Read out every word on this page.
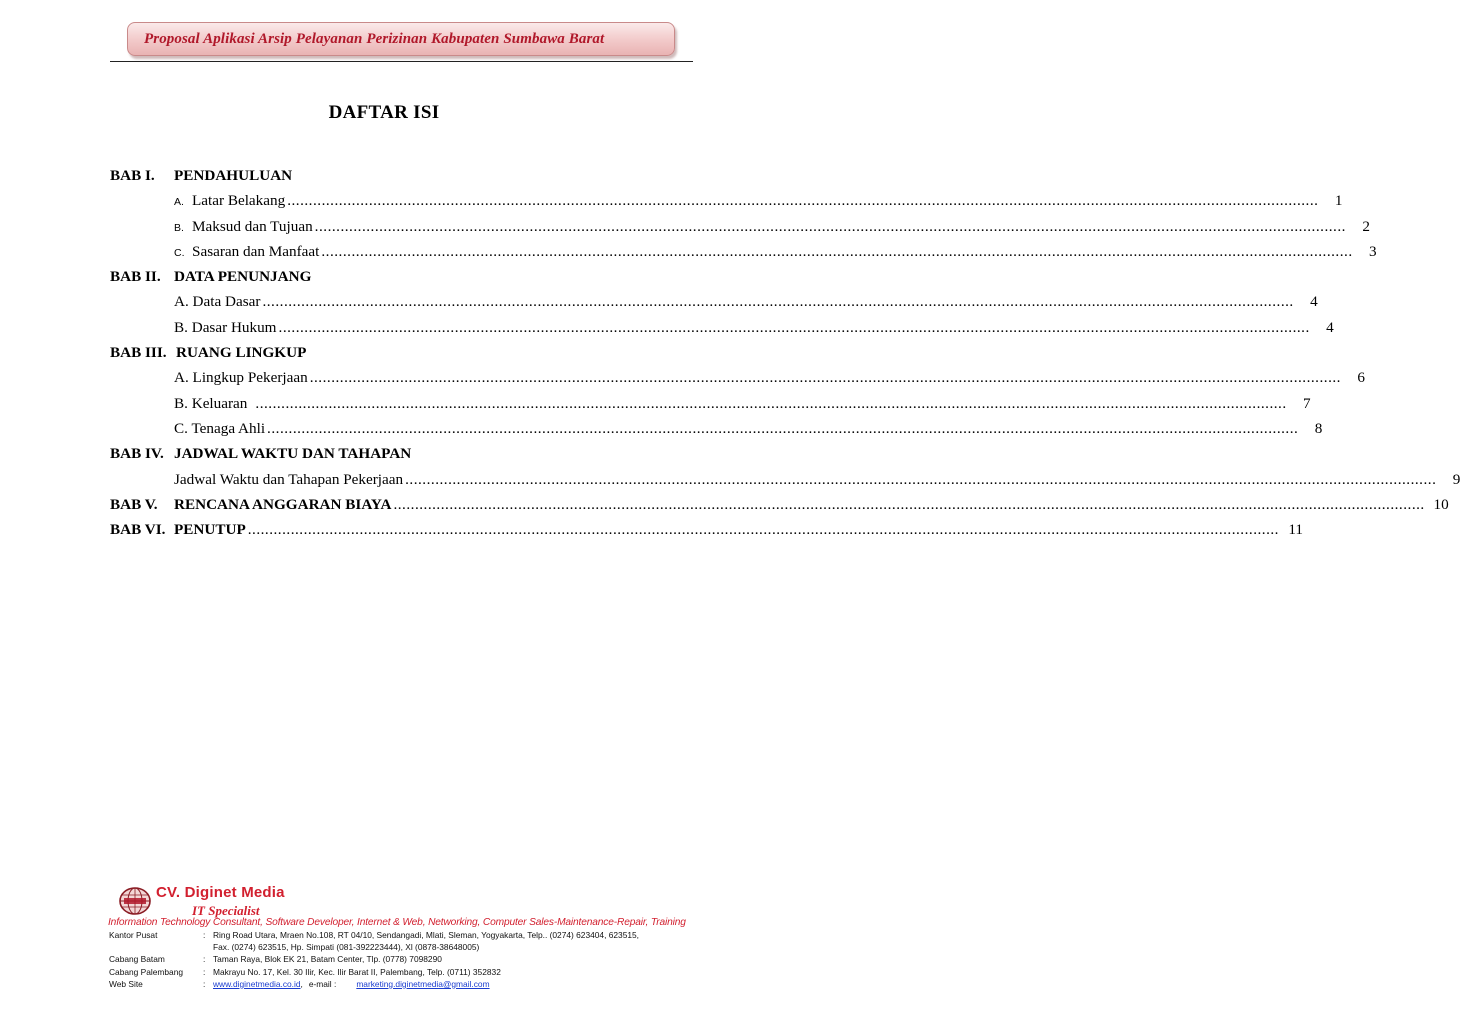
Proposal Aplikasi Arsip Pelayanan Perizinan Kabupaten Sumbawa Barat
DAFTAR ISI
BAB I.	PENDAHULUAN
A. Latar Belakang ................................................................................................................................................................................................................................................	1
B. Maksud dan Tujuan ................................................................................................................................................................................................................................................	2
C. Sasaran dan Manfaat ................................................................................................................................................................................................................................................	3
BAB II. DATA PENUNJANG
A. Data Dasar ................................................................................................................................................................................................................................................	4
B. Dasar Hukum ................................................................................................................................................................................................................................................	4
BAB III. RUANG LINGKUP
A. Lingkup Pekerjaan ................................................................................................................................................................................................................................................	6
B. Keluaran ................................................................................................................................................................................................................................................	7
C. Tenaga Ahli ................................................................................................................................................................................................................................................	8
BAB IV. JADWAL WAKTU DAN TAHAPAN
Jadwal Waktu dan Tahapan Pekerjaan ................................................................................................................................................................................................................................................	9
BAB V.	RENCANA ANGGARAN BIAYA ................................................................................................................................................................................................................................................ 10
BAB VI. PENUTUP ................................................................................................................................................................................................................................................ 11
CV. Diginet Media
IT Specialist
Information Technology Consultant, Software Developer, Internet & Web, Networking, Computer Sales-Maintenance-Repair, Training
Kantor Pusat	: Ring Road Utara, Mraen No.108, RT 04/10, Sendangadi, Mlati, Sleman, Yogyakarta, Telp.. (0274) 623404, 623515,
Fax. (0274) 623515, Hp. Simpati (081-392223444), Xl (0878-38648005)
Cabang Batam	: Taman Raya, Blok EK 21, Batam Center, Tlp. (0778) 7098290
Cabang Palembang	: Makrayu No. 17, Kel. 30 Ilir, Kec. Ilir Barat II, Palembang, Telp. (0711) 352832
Web Site	: www.diginetmedia.co.id, e-mail : marketing.diginetmedia@gmail.com
